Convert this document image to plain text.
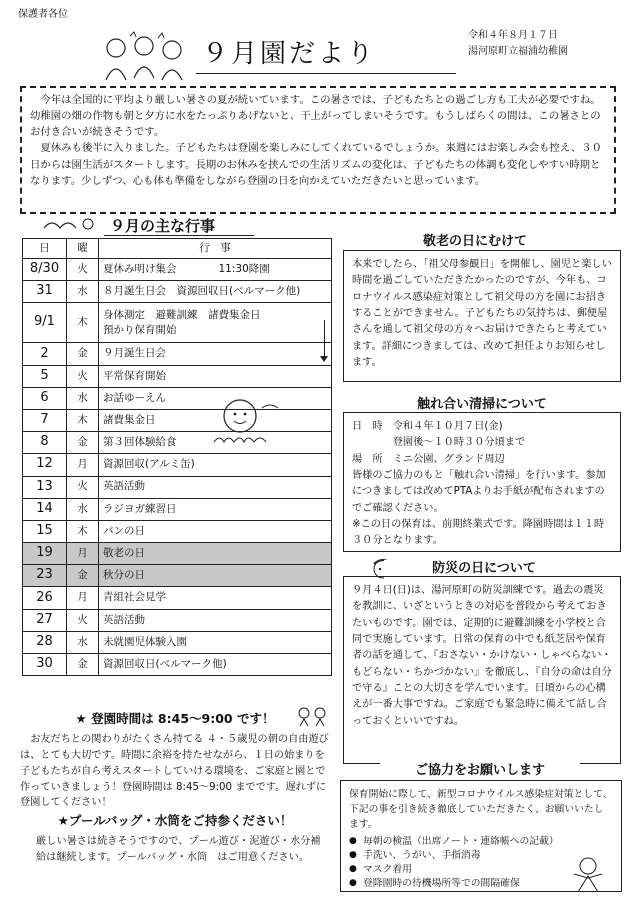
保護者各位
９月園だより
令和４年８月１７日
湯河原町立福浦幼稚園

今年は全国的に平均より厳しい暑さの夏が続いています。この暑さでは、子どもたちとの過ごし方も工夫が必要ですね。幼稚園の畑の作物も朝と夕方に水をたっぷりあげないと、干上がってしまいそうです。もうしばらくの間は、この暑さとのお付き合いが続きそうです。

夏休みも後半に入りました。子どもたちは登園を楽しみにしてくれているでしょうか。来週にはお楽しみ会も控え、３０日からは園生活がスタートします。長期のお休みを挟んでの生活リズムの変化は、子どもたちの体調も変化しやすい時期となります。少しずつ、心も体も準備をしながら登園の日を向かえていただきたいと思っています。

９月の主な行事
日	曜	行　事
8/30	火	夏休み明け集会　　　　11:30降園

31	水	８月誕生日会　資源回収日(ベルマーク他)

9/1	木	身体測定　避難訓練　諸費集金日
預かり保育開始

2	金	９月誕生日会

5	火	平常保育開始

6	水	お話ゆーえん

7	木	諸費集金日

8	金	第３回体験給食

12	月	資源回収(アルミ缶)

13	火	英語活動

14	水	ラジヨガ練習日

15	木	パンの日

19	月	敬老の日

23	金	秋分の日

26	月	青組社会見学

27	火	英語活動

28	水	未就園児体験入園

30	金	資源回収日(ベルマーク他)
★ 登園時間は 8:45～9:00 です！

お友だちとの関わりがたくさん持てる ４・５歳児の朝の自由遊びは、とても大切です。時間に余裕を持たせながら、１日の始まりを子どもたちが自ら考えスタートしていける環境を、ご家庭と園とで作っていきましょう！登園時間は 8:45～9:00 までです。遅れずに登園してください！

★プールバッグ・水筒をご持参ください！

厳しい暑さは続きそうですので、プール遊び・泥遊び・水分補給は継続します。プールバッグ・水筒　はご用意ください。

敬老の日にむけて
本来でしたら、「祖父母参観日」を開催し、園児と楽しい時間を過ごしていただきたかったのですが、今年も、コロナウイルス感染症対策として祖父母の方を園にお招きすることができません。子どもたちの気持ちは、郵便屋さんを通して祖父母の方々へお届けできたらと考えています。詳細につきましては、改めて担任よりお知らせします。
触れ合い清掃について
日　時　令和４年１０月７日(金)
　　　　登園後～１０時３０分頃まで
場　所　ミニ公園、グランド周辺
皆様のご協力のもと「触れ合い清掃」を行います。参加につきましては改めてPTAよりお手紙が配布されますのでご確認ください。
※この日の保育は、前期終業式です。降園時間は１１時３０分となります。
防災の日について
９月４日(日)は、湯河原町の防災訓練です。過去の震災を教訓に、いざというときの対応を普段から考えておきたいものです。園では、定期的に避難訓練を小学校と合同で実施しています。日常の保育の中でも紙芝居や保育者の話を通して、『おさない・かけない・しゃべらない・もどらない・ちかづかない』を徹底し、『自分の命は自分で守る』ことの大切さを学んでいます。日頃からの心構えが一番大事ですね。ご家庭でも緊急時に備えて話し合っておくといいですね。
ご協力をお願いします
保育開始に際して、新型コロナウイルス感染症対策として、下記の事を引き続き徹底していただきたく、お願いいたします。
● 毎朝の検温（出席ノート・連絡帳への記載）
● 手洗い、うがい、手指消毒
● マスク着用
● 登降園時の待機場所等での間隔確保
